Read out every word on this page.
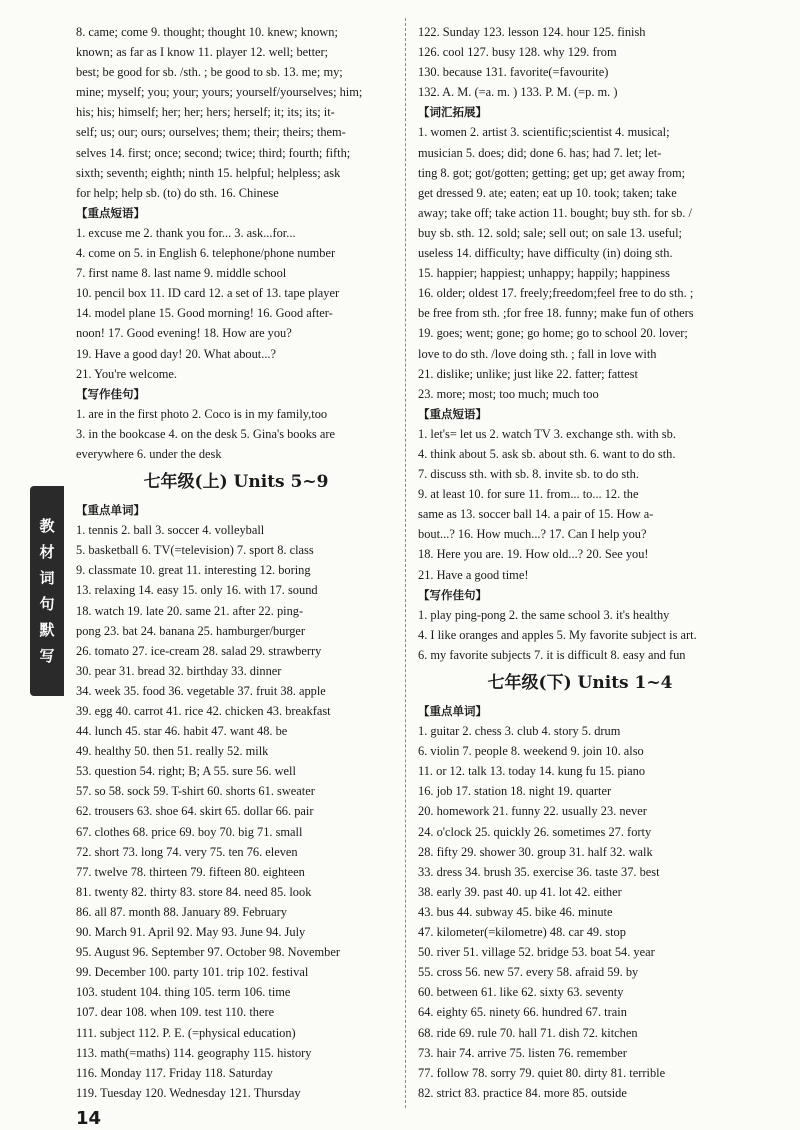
8. came; come 9. thought; thought 10. knew; known;
known; as far as I know 11. player 12. well; better;
best; be good for sb. /sth. ; be good to sb. 13. me; my;
mine; myself; you; your; yours; yourself/yourselves; him;
his; his; himself; her; her; hers; herself; it; its; its; it-
self; us; our; ours; ourselves; them; their; theirs; them-
selves 14. first; once; second; twice; third; fourth; fifth;
sixth; seventh; eighth; ninth 15. helpful; helpless; ask
for help; help sb. (to) do sth. 16. Chinese
【重点短语】
1. excuse me 2. thank you for... 3. ask...for...
4. come on 5. in English 6. telephone/phone number
7. first name 8. last name 9. middle school
10. pencil box 11. ID card 12. a set of 13. tape player
14. model plane 15. Good morning! 16. Good after-
noon! 17. Good evening! 18. How are you?
19. Have a good day! 20. What about...?
21. You're welcome.
【写作佳句】
1. are in the first photo 2. Coco is in my family,too
3. in the bookcase 4. on the desk 5. Gina's books are
everywhere 6. under the desk
七年级(上) Units 5~9
【重点单词】
1. tennis 2. ball 3. soccer 4. volleyball
5. basketball 6. TV(=television) 7. sport 8. class
9. classmate 10. great 11. interesting 12. boring
13. relaxing 14. easy 15. only 16. with 17. sound
18. watch 19. late 20. same 21. after 22. ping-
pong 23. bat 24. banana 25. hamburger/burger
26. tomato 27. ice-cream 28. salad 29. strawberry
30. pear 31. bread 32. birthday 33. dinner
34. week 35. food 36. vegetable 37. fruit 38. apple
39. egg 40. carrot 41. rice 42. chicken 43. breakfast
44. lunch 45. star 46. habit 47. want 48. be
49. healthy 50. then 51. really 52. milk
53. question 54. right; B; A 55. sure 56. well
57. so 58. sock 59. T-shirt 60. shorts 61. sweater
62. trousers 63. shoe 64. skirt 65. dollar 66. pair
67. clothes 68. price 69. boy 70. big 71. small
72. short 73. long 74. very 75. ten 76. eleven
77. twelve 78. thirteen 79. fifteen 80. eighteen
81. twenty 82. thirty 83. store 84. need 85. look
86. all 87. month 88. January 89. February
90. March 91. April 92. May 93. June 94. July
95. August 96. September 97. October 98. November
99. December 100. party 101. trip 102. festival
103. student 104. thing 105. term 106. time
107. dear 108. when 109. test 110. there
111. subject 112. P. E. (=physical education)
113. math(=maths) 114. geography 115. history
116. Monday 117. Friday 118. Saturday
119. Tuesday 120. Wednesday 121. Thursday
122. Sunday 123. lesson 124. hour 125. finish
126. cool 127. busy 128. why 129. from
130. because 131. favorite(=favourite)
132. A. M. (=a. m. ) 133. P. M. (=p. m. )
【词汇拓展】
1. women 2. artist 3. scientific;scientist 4. musical;
musician 5. does; did; done 6. has; had 7. let; let-
ting 8. got; got/gotten; getting; get up; get away from;
get dressed 9. ate; eaten; eat up 10. took; taken; take
away; take off; take action 11. bought; buy sth. for sb. /
buy sb. sth. 12. sold; sale; sell out; on sale 13. useful;
useless 14. difficulty; have difficulty (in) doing sth.
15. happier; happiest; unhappy; happily; happiness
16. older; oldest 17. freely;freedom;feel free to do sth. ;
be free from sth. ;for free 18. funny; make fun of others
19. goes; went; gone; go home; go to school 20. lover;
love to do sth. /love doing sth. ; fall in love with
21. dislike; unlike; just like 22. fatter; fattest
23. more; most; too much; much too
【重点短语】
1. let's= let us 2. watch TV 3. exchange sth. with sb.
4. think about 5. ask sb. about sth. 6. want to do sth.
7. discuss sth. with sb. 8. invite sb. to do sth.
9. at least 10. for sure 11. from... to... 12. the
same as 13. soccer ball 14. a pair of 15. How a-
bout...? 16. How much...? 17. Can I help you?
18. Here you are. 19. How old...? 20. See you!
21. Have a good time!
【写作佳句】
1. play ping-pong 2. the same school 3. it's healthy
4. I like oranges and apples 5. My favorite subject is art.
6. my favorite subjects 7. it is difficult 8. easy and fun
七年级(下) Units 1~4
【重点单词】
1. guitar 2. chess 3. club 4. story 5. drum
6. violin 7. people 8. weekend 9. join 10. also
11. or 12. talk 13. today 14. kung fu 15. piano
16. job 17. station 18. night 19. quarter
20. homework 21. funny 22. usually 23. never
24. o'clock 25. quickly 26. sometimes 27. forty
28. fifty 29. shower 30. group 31. half 32. walk
33. dress 34. brush 35. exercise 36. taste 37. best
38. early 39. past 40. up 41. lot 42. either
43. bus 44. subway 45. bike 46. minute
47. kilometer(=kilometre) 48. car 49. stop
50. river 51. village 52. bridge 53. boat 54. year
55. cross 56. new 57. every 58. afraid 59. by
60. between 61. like 62. sixty 63. seventy
64. eighty 65. ninety 66. hundred 67. train
68. ride 69. rule 70. hall 71. dish 72. kitchen
73. hair 74. arrive 75. listen 76. remember
77. follow 78. sorry 79. quiet 80. dirty 81. terrible
82. strict 83. practice 84. more 85. outside
教
材
词
句
默
写
14
